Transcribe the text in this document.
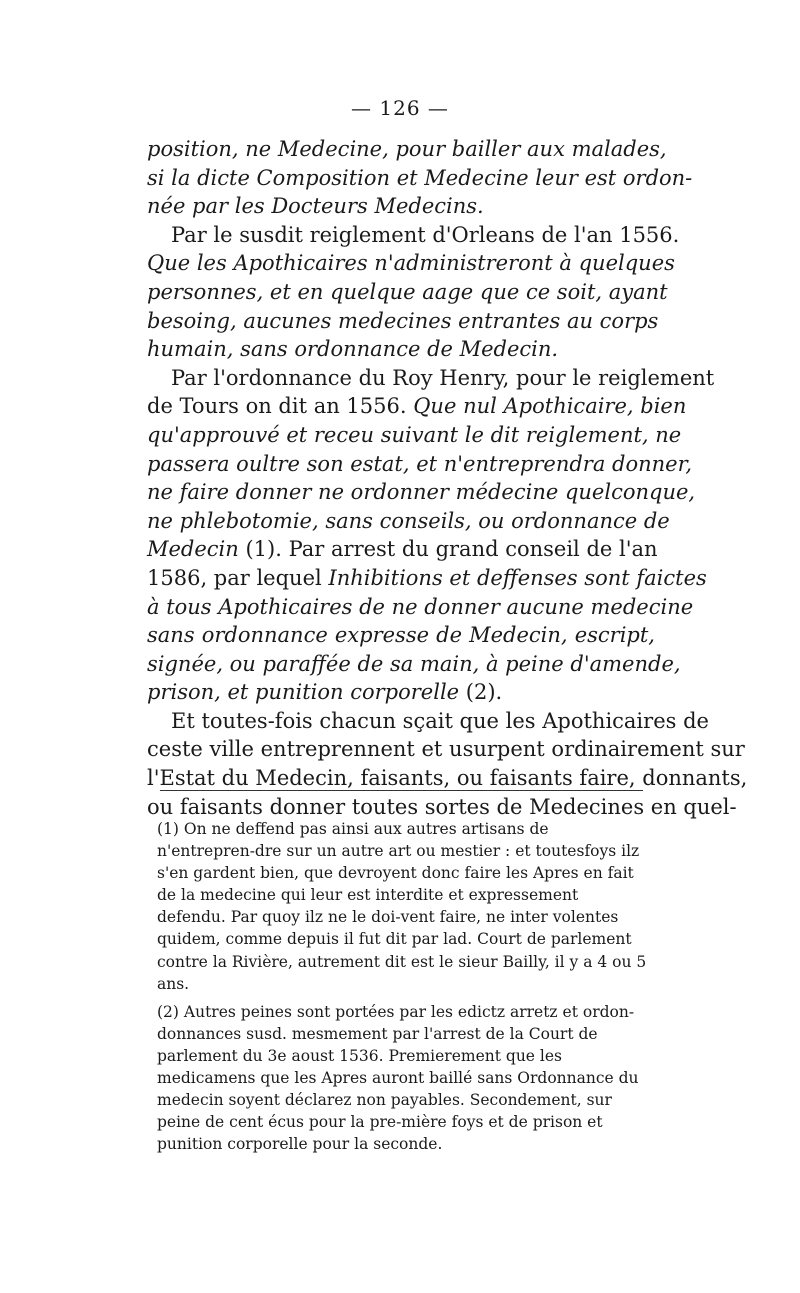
— 126 —
position, ne Medecine, pour bailler aux malades,
si la dicte Composition et Medecine leur est ordon-
née par les Docteurs Medecins.
Par le susdit reiglement d'Orleans de l'an 1556.
Que les Apothicaires n'administreront à quelques
personnes, et en quelque aage que ce soit, ayant
besoing, aucunes medecines entrantes au corps
humain, sans ordonnance de Medecin.
Par l'ordonnance du Roy Henry, pour le reiglement
de Tours on dit an 1556. Que nul Apothicaire, bien
qu'approuvé et receu suivant le dit reiglement, ne
passera oultre son estat, et n'entreprendra donner,
ne faire donner ne ordonner médecine quelconque,
ne phlebotomie, sans conseils, ou ordonnance de
Medecin (1). Par arrest du grand conseil de l'an
1586, par lequel Inhibitions et deffenses sont faictes
à tous Apothicaires de ne donner aucune medecine
sans ordonnance expresse de Medecin, escript,
signée, ou paraffée de sa main, à peine d'amende,
prison, et punition corporelle (2).
Et toutes-fois chacun sçait que les Apothicaires de
ceste ville entreprennent et usurpent ordinairement sur
l'Estat du Medecin, faisants, ou faisants faire, donnants,
ou faisants donner toutes sortes de Medecines en quel-
(1) On ne deffend pas ainsi aux autres artisans de n'entrepren-dre sur un autre art ou mestier : et toutesfoys ilz s'en gardent bien, que devroyent donc faire les Apres en fait de la medecine qui leur est interdite et expressement defendu. Par quoy ilz ne le doi-vent faire, ne inter volentes quidem, comme depuis il fut dit par lad. Court de parlement contre la Rivière, autrement dit est le sieur Bailly, il y a 4 ou 5 ans.
(2) Autres peines sont portées par les edictz arretz et ordon-donnances susd. mesmement par l'arrest de la Court de parlement du 3e aoust 1536. Premierement que les medicamens que les Apres auront baillé sans Ordonnance du medecin soyent déclarez non payables. Secondement, sur peine de cent écus pour la pre-mière foys et de prison et punition corporelle pour la seconde.
